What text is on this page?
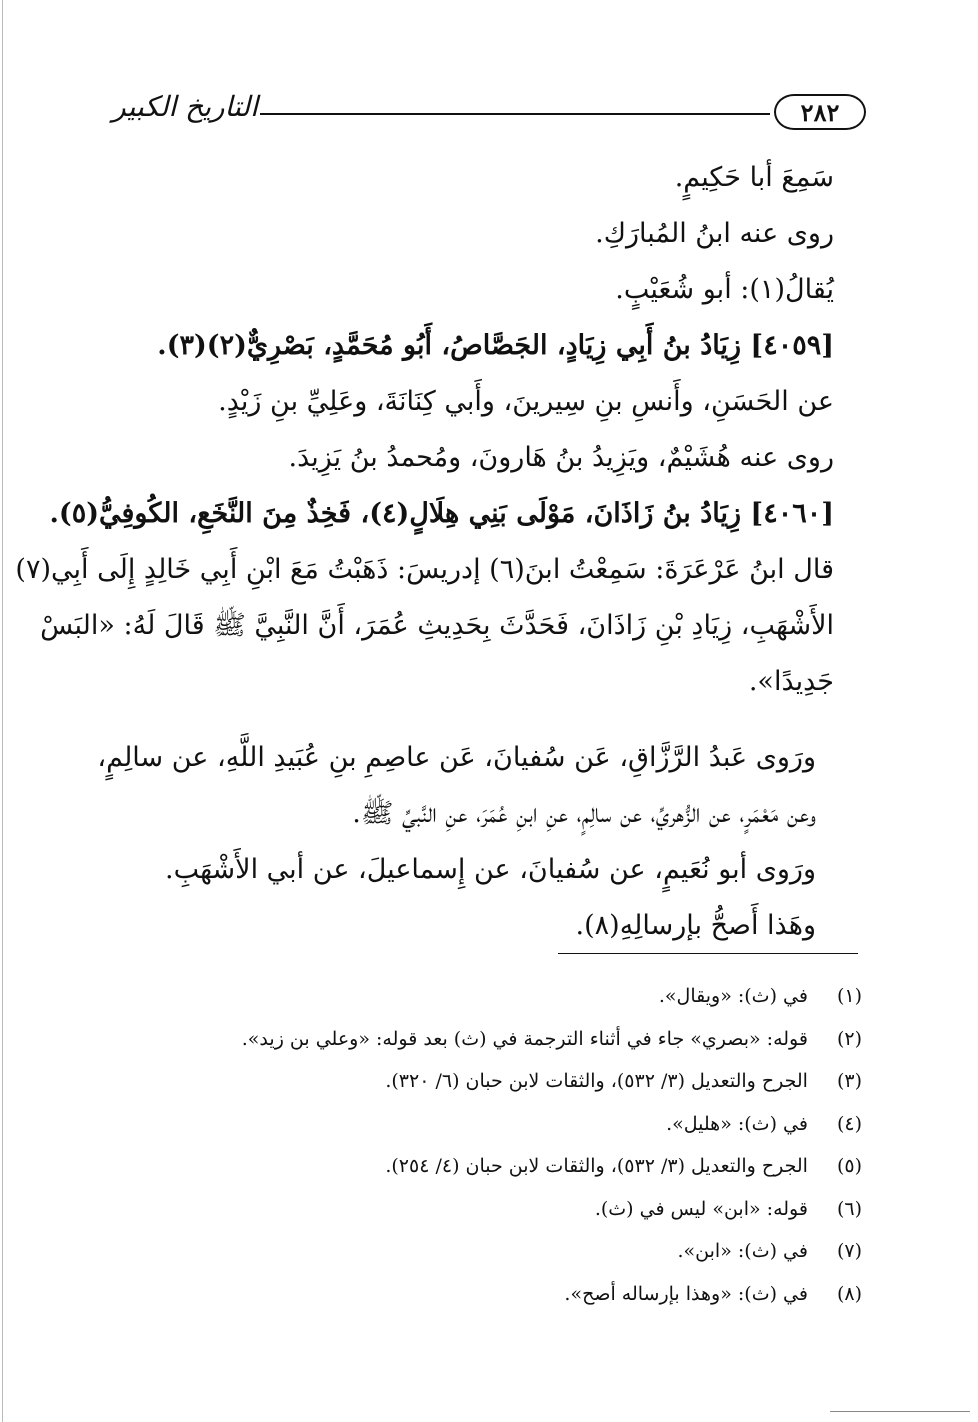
٢٨٢
التاريخ الكبير
سَمِعَ أبا حَكِيمٍ.
روى عنه ابنُ المُبارَكِ.
يُقالُ(١): أبو شُعَيْبٍ.
[٤٠٥٩] زِيَادُ بنُ أَبِي زِيَادٍ، الجَصَّاصُ، أَبُو مُحَمَّدٍ، بَصْرِيٌّ(٢)(٣).
عن الحَسَنِ، وأَنسِ بنِ سِيرينَ، وأَبي كِنَانَةَ، وعَلِيِّ بنِ زَيْدٍ.
روى عنه هُشَيْمٌ، ويَزِيدُ بنُ هَارونَ، ومُحمدُ بنُ يَزِيدَ.
[٤٠٦٠] زِيَادُ بنُ زَاذَانَ، مَوْلَى بَنِي هِلَالٍ(٤)، فَخِذٌ مِنَ النَّخَعِ، الكُوفِيُّ(٥).
قال ابنُ عَرْعَرَةَ: سَمِعْتُ ابنَ(٦) إدريسَ: ذَهَبْتُ مَعَ ابْنِ أَبِي خَالِدٍ إِلَى أَبِي(٧)
الأَشْهَبِ، زِيَادِ بْنِ زَاذَانَ، فَحَدَّثَ بِحَدِيثِ عُمَرَ، أَنَّ النَّبِيَّ ﷺ قَالَ لَهُ: «البَسْ
جَدِيدًا».
ورَوى عَبدُ الرَّزَّاقِ، عَن سُفيانَ، عَن عاصِمِ بنِ عُبَيدِ اللَّهِ، عن سالِمٍ،
وعن مَعْمَرٍ، عن الزُّهريِّ، عن سالِمٍ، عنِ ابنِ عُمَرَ، عنِ النَّبيِّ ﷺ.
ورَوى أبو نُعَيمٍ، عن سُفيانَ، عن إِسماعيلَ، عن أبي الأَشْهَبِ.
وهَذا أَصحُّ بإرسالِهِ(٨).
(١) في (ث): «ويقال».
(٢) قوله: «بصري» جاء في أثناء الترجمة في (ث) بعد قوله: «وعلي بن زيد».
(٣) الجرح والتعديل (٣/ ٥٣٢)، والثقات لابن حبان (٦/ ٣٢٠).
(٤) في (ث): «هليل».
(٥) الجرح والتعديل (٣/ ٥٣٢)، والثقات لابن حبان (٤/ ٢٥٤).
(٦) قوله: «ابن» ليس في (ث).
(٧) في (ث): «ابن».
(٨) في (ث): «وهذا بإرساله أصح».
